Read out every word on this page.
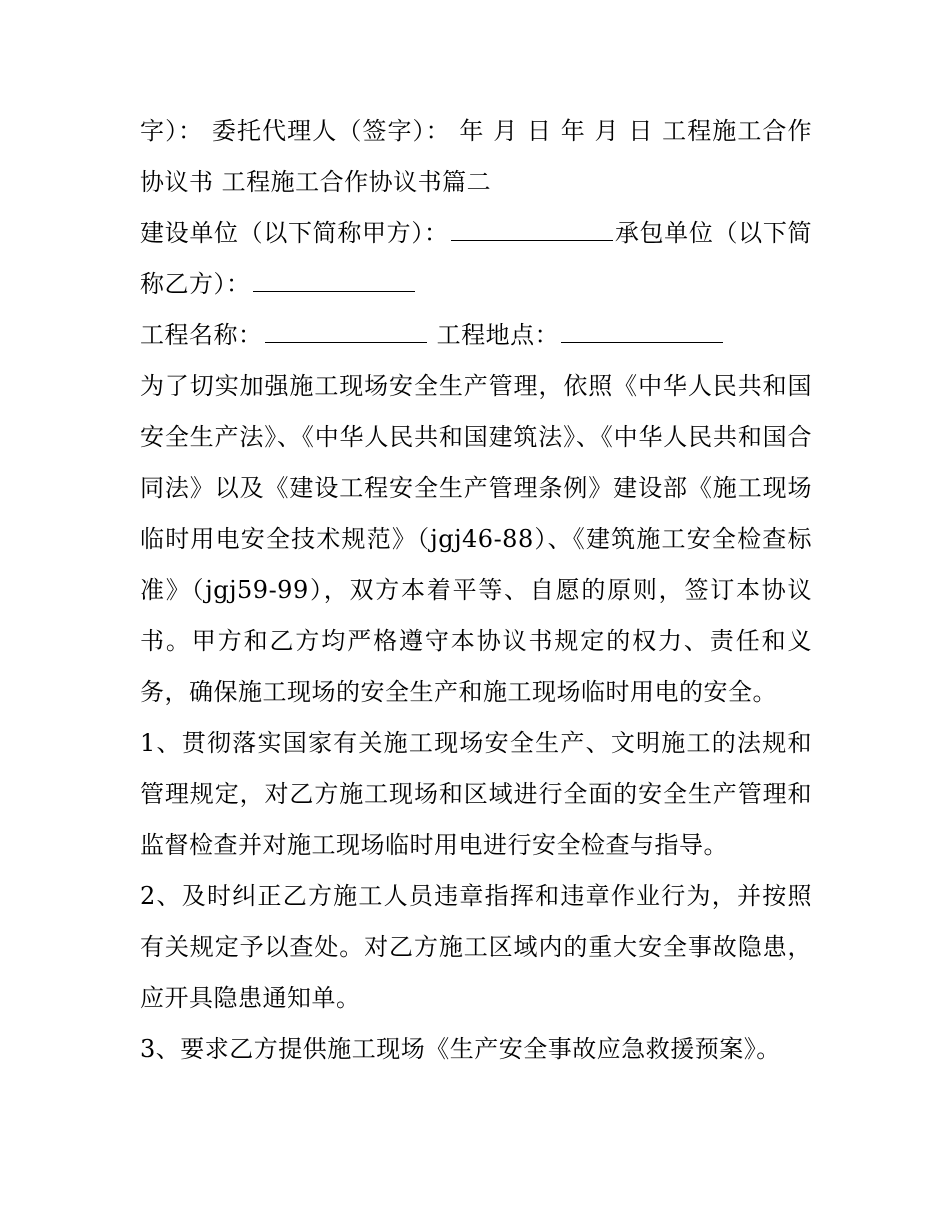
字）： 委托代理人（签字）： 年 月 日 年 月 日 工程施工合作协议书 工程施工合作协议书篇二

建设单位（以下简称甲方）：	承包单位（以下简称乙方）：

工程名称：	工程地点：

为了切实加强施工现场安全生产管理，依照《中华人民共和国安全生产法》、《中华人民共和国建筑法》、《中华人民共和国合同法》以及《建设工程安全生产管理条例》建设部《施工现场临时用电安全技术规范》（jgj46-88）、《建筑施工安全检查标准》（jgj59-99），双方本着平等、自愿的原则，签订本协议书。甲方和乙方均严格遵守本协议书规定的权力、责任和义务，确保施工现场的安全生产和施工现场临时用电的安全。

1、贯彻落实国家有关施工现场安全生产、文明施工的法规和管理规定，对乙方施工现场和区域进行全面的安全生产管理和监督检查并对施工现场临时用电进行安全检查与指导。

2、及时纠正乙方施工人员违章指挥和违章作业行为，并按照有关规定予以查处。对乙方施工区域内的重大安全事故隐患，应开具隐患通知单。

3、要求乙方提供施工现场《生产安全事故应急救援预案》。
